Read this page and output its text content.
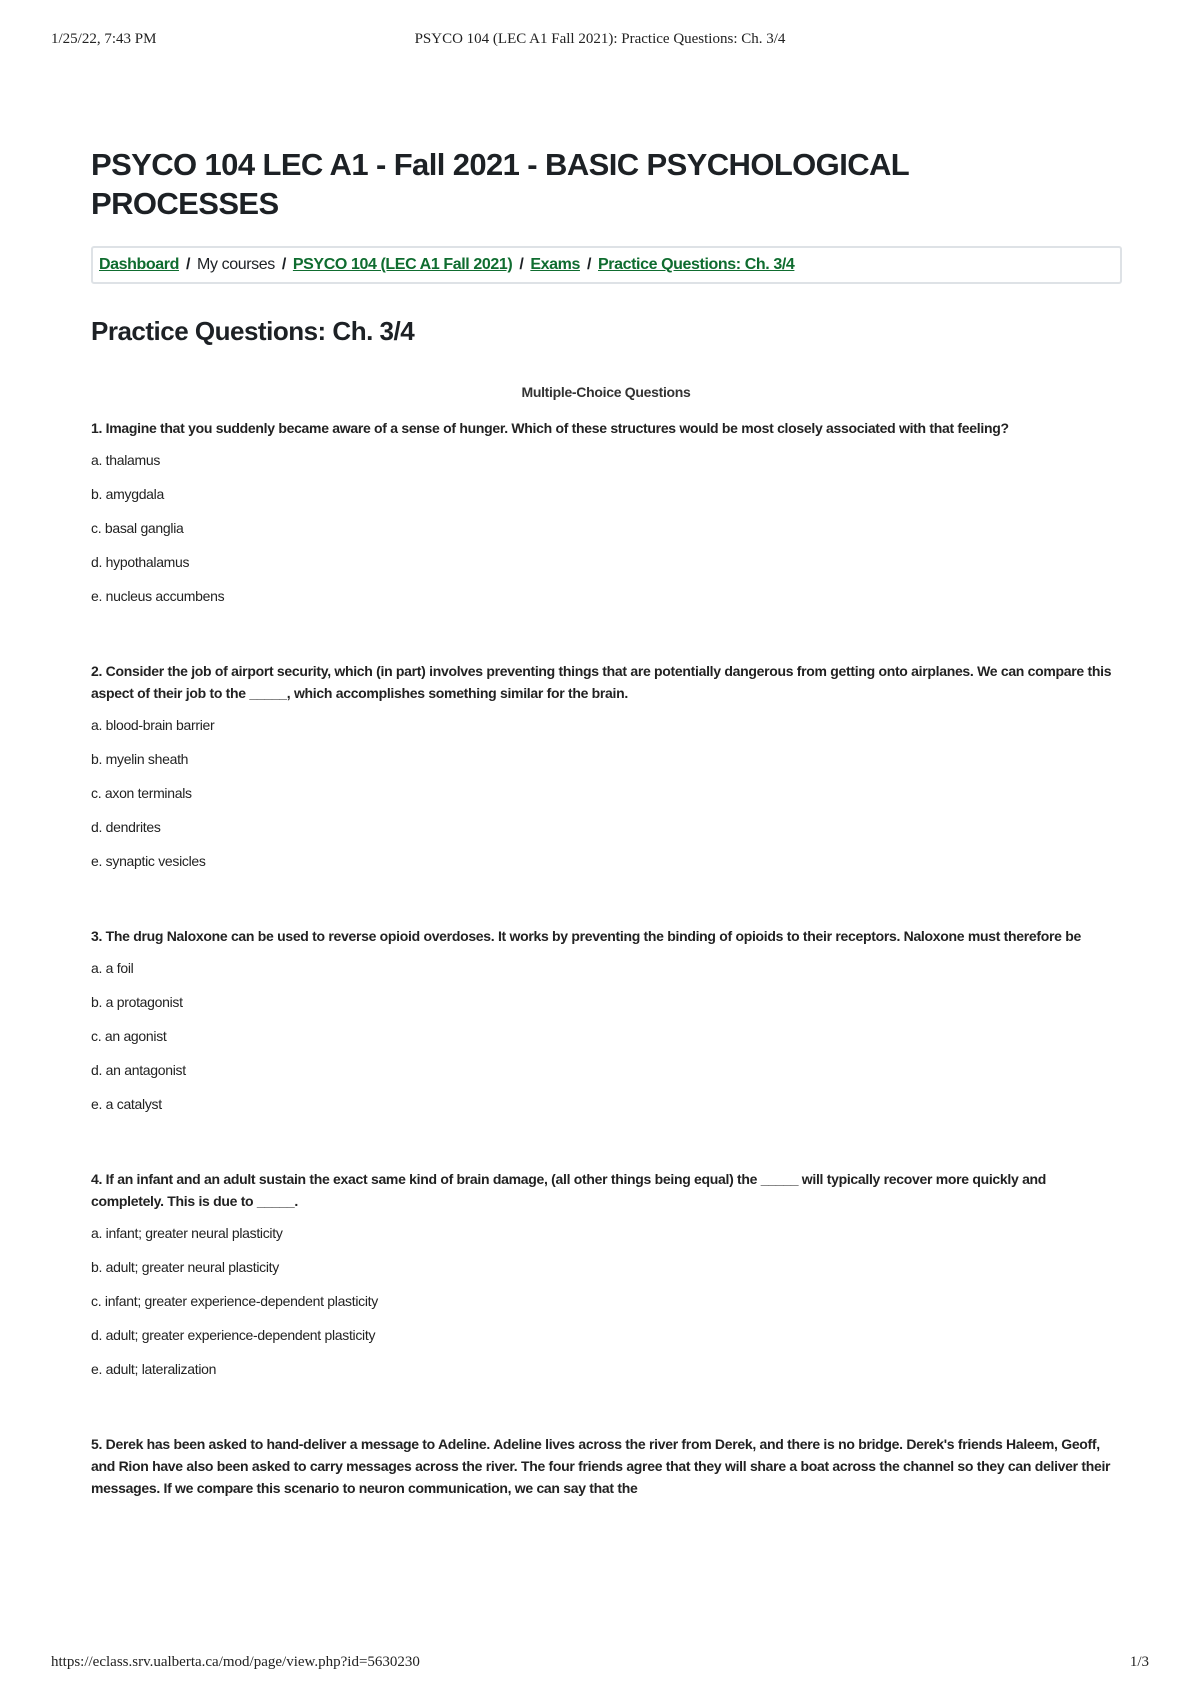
1/25/22, 7:43 PM	PSYCO 104 (LEC A1 Fall 2021): Practice Questions: Ch. 3/4
PSYCO 104 LEC A1 - Fall 2021 - BASIC PSYCHOLOGICAL
PROCESSES
Dashboard / My courses / PSYCO 104 (LEC A1 Fall 2021) / Exams / Practice Questions: Ch. 3/4
Practice Questions: Ch. 3/4
Multiple-Choice Questions
1. Imagine that you suddenly became aware of a sense of hunger. Which of these structures would be most closely associated with that feeling?
a. thalamus
b. amygdala
c. basal ganglia
d. hypothalamus
e. nucleus accumbens
2. Consider the job of airport security, which (in part) involves preventing things that are potentially dangerous from getting onto airplanes. We can compare this aspect of their job to the _____, which accomplishes something similar for the brain.
a. blood-brain barrier
b. myelin sheath
c. axon terminals
d. dendrites
e. synaptic vesicles
3. The drug Naloxone can be used to reverse opioid overdoses. It works by preventing the binding of opioids to their receptors. Naloxone must therefore be
a. a foil
b. a protagonist
c. an agonist
d. an antagonist
e. a catalyst
4. If an infant and an adult sustain the exact same kind of brain damage, (all other things being equal) the _____ will typically recover more quickly and completely. This is due to _____.
a. infant; greater neural plasticity
b. adult; greater neural plasticity
c. infant; greater experience-dependent plasticity
d. adult; greater experience-dependent plasticity
e. adult; lateralization
5. Derek has been asked to hand-deliver a message to Adeline. Adeline lives across the river from Derek, and there is no bridge. Derek's friends Haleem, Geoff, and Rion have also been asked to carry messages across the river. The four friends agree that they will share a boat across the channel so they can deliver their messages. If we compare this scenario to neuron communication, we can say that the
https://eclass.srv.ualberta.ca/mod/page/view.php?id=5630230	1/3
